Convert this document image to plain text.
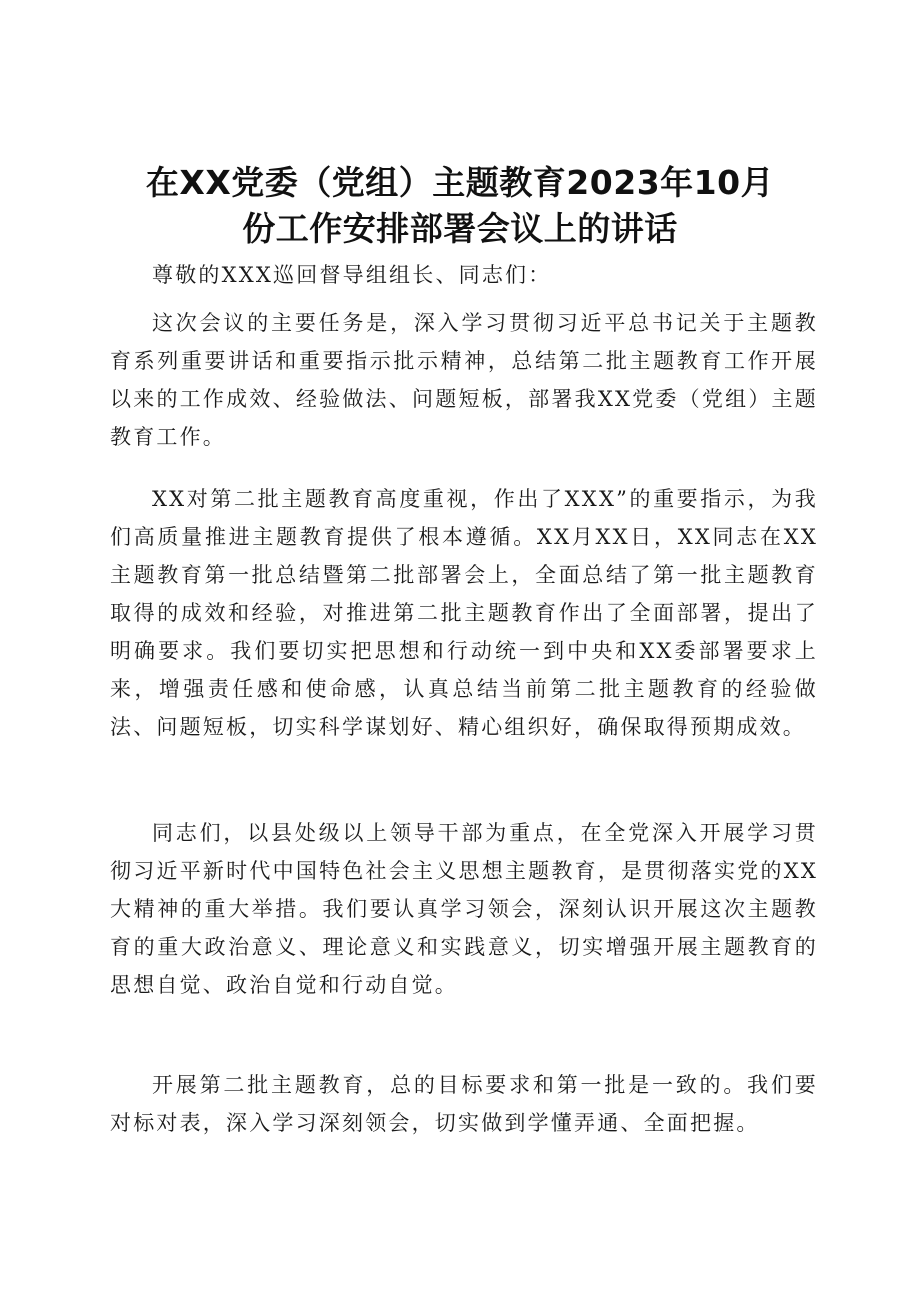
在XX党委（党组）主题教育2023年10月
份工作安排部署会议上的讲话

尊敬的XXX巡回督导组组长、同志们：

这次会议的主要任务是，深入学习贯彻习近平总书记关于主题教育系列重要讲话和重要指示批示精神，总结第二批主题教育工作开展以来的工作成效、经验做法、问题短板，部署我XX党委（党组）主题教育工作。

XX对第二批主题教育高度重视，作出了XXX”的重要指示，为我们高质量推进主题教育提供了根本遵循。XX月XX日，XX同志在XX主题教育第一批总结暨第二批部署会上，全面总结了第一批主题教育取得的成效和经验，对推进第二批主题教育作出了全面部署，提出了明确要求。我们要切实把思想和行动统一到中央和XX委部署要求上来，增强责任感和使命感，认真总结当前第二批主题教育的经验做法、问题短板，切实科学谋划好、精心组织好，确保取得预期成效。

同志们，以县处级以上领导干部为重点，在全党深入开展学习贯彻习近平新时代中国特色社会主义思想主题教育，是贯彻落实党的XX大精神的重大举措。我们要认真学习领会，深刻认识开展这次主题教育的重大政治意义、理论意义和实践意义，切实增强开展主题教育的思想自觉、政治自觉和行动自觉。

开展第二批主题教育，总的目标要求和第一批是一致的。我们要对标对表，深入学习深刻领会，切实做到学懂弄通、全面把握。
